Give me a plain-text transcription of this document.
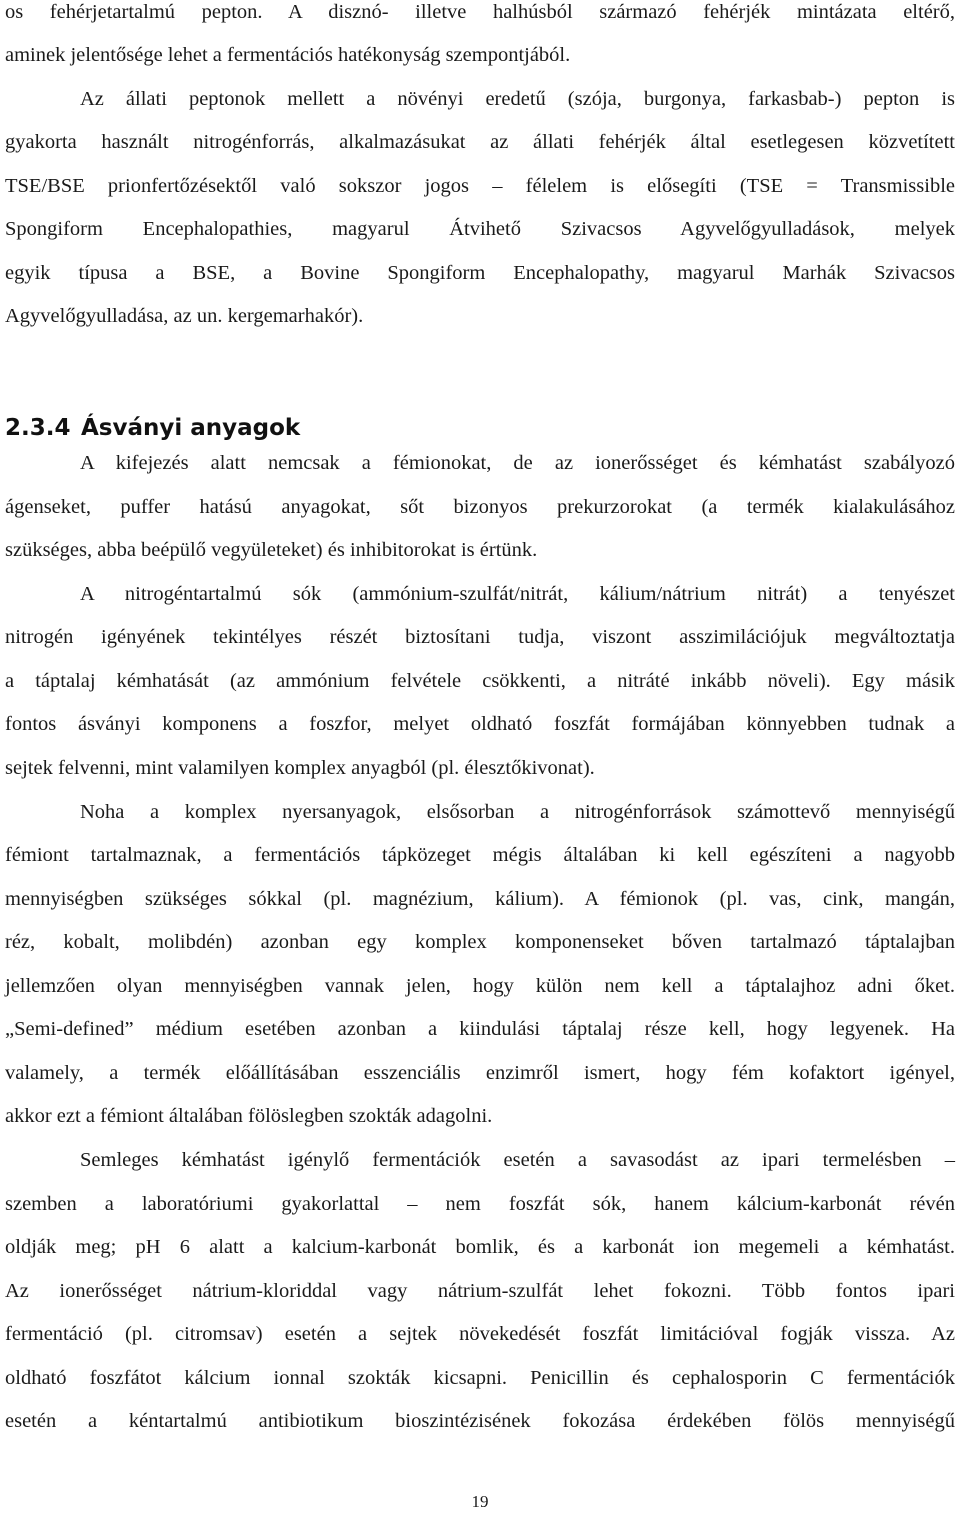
os fehérjetartalmú pepton. A disznó- illetve halhúsból származó fehérjék mintázata eltérő,
aminek jelentősége lehet a fermentációs hatékonyság szempontjából.
Az állati peptonok mellett a növényi eredetű (szója, burgonya, farkasbab-) pepton is
gyakorta használt nitrogénforrás, alkalmazásukat az állati fehérjék által esetlegesen közvetített
TSE/BSE prionfertőzésektől való sokszor jogos – félelem is elősegíti (TSE = Transmissible
Spongiform Encephalopathies, magyarul Átvihető Szivacsos Agyvelőgyulladások, melyek
egyik típusa a BSE, a Bovine Spongiform Encephalopathy, magyarul Marhák Szivacsos
Agyvelőgyulladása, az un. kergemarhakór).
2.3.4 Ásványi anyagok
A kifejezés alatt nemcsak a fémionokat, de az ionerősséget és kémhatást szabályozó
ágenseket, puffer hatású anyagokat, sőt bizonyos prekurzorokat (a termék kialakulásához
szükséges, abba beépülő vegyületeket) és inhibitorokat is értünk.
A nitrogéntartalmú sók (ammónium-szulfát/nitrát, kálium/nátrium nitrát) a tenyészet
nitrogén igényének tekintélyes részét biztosítani tudja, viszont asszimilációjuk megváltoztatja
a táptalaj kémhatását (az ammónium felvétele csökkenti, a nitráté inkább növeli). Egy másik
fontos ásványi komponens a foszfor, melyet oldható foszfát formájában könnyebben tudnak a
sejtek felvenni, mint valamilyen komplex anyagból (pl. élesztőkivonat).
Noha a komplex nyersanyagok, elsősorban a nitrogénforrások számottevő mennyiségű
fémiont tartalmaznak, a fermentációs tápközeget mégis általában ki kell egészíteni a nagyobb
mennyiségben szükséges sókkal (pl. magnézium, kálium). A fémionok (pl. vas, cink, mangán,
réz, kobalt, molibdén) azonban egy komplex komponenseket bőven tartalmazó táptalajban
jellemzően olyan mennyiségben vannak jelen, hogy külön nem kell a táptalajhoz adni őket.
„Semi-defined” médium esetében azonban a kiindulási táptalaj része kell, hogy legyenek. Ha
valamely, a termék előállításában esszenciális enzimről ismert, hogy fém kofaktort igényel,
akkor ezt a fémiont általában fölöslegben szokták adagolni.
Semleges kémhatást igénylő fermentációk esetén a savasodást az ipari termelésben –
szemben a laboratóriumi gyakorlattal – nem foszfát sók, hanem kálcium-karbonát révén
oldják meg; pH 6 alatt a kalcium-karbonát bomlik, és a karbonát ion megemeli a kémhatást.
Az ionerősséget nátrium-kloriddal vagy nátrium-szulfát lehet fokozni. Több fontos ipari
fermentáció (pl. citromsav) esetén a sejtek növekedését foszfát limitációval fogják vissza. Az
oldható foszfátot kálcium ionnal szokták kicsapni. Penicillin és cephalosporin C fermentációk
esetén a kéntartalmú antibiotikum bioszintézisének fokozása érdekében fölös mennyiségű
19
